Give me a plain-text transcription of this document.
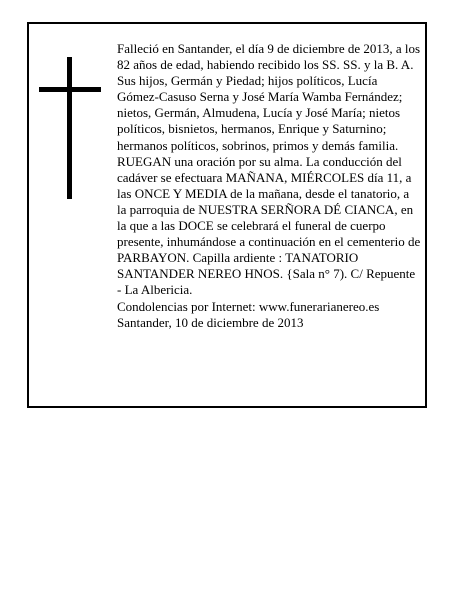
Falleció en Santander, el día 9 de diciembre de 2013, a los 82 años de edad, habiendo recibido los SS. SS. y la B. A.

Sus hijos, Germán y Piedad; hijos políticos, Lucía Gómez-Casuso Serna y José María Wamba Fernández; nietos, Germán, Almudena, Lucía y José María; nietos políticos, bisnietos, hermanos, Enrique y Saturnino; hermanos políticos, sobrinos, primos y demás familia.

RUEGAN una oración por su alma. La conducción del cadáver se efectuara MAÑANA, MIÉRCOLES día 11, a las ONCE Y MEDIA de la mañana, desde el tanatorio, a la parroquia de NUESTRA SERÑORA DÉ CIANCA, en la que a las DOCE se celebrará el funeral de cuerpo presente, inhumándose a continuación en el cementerio de PARBAYON. Capilla ardiente : TANATORIO SANTANDER NEREO HNOS. {Sala n° 7). C/ Repuente - La Albericia.

Condolencias por Internet: www.funerarianereo.es

Santander, 10 de diciembre de 2013
